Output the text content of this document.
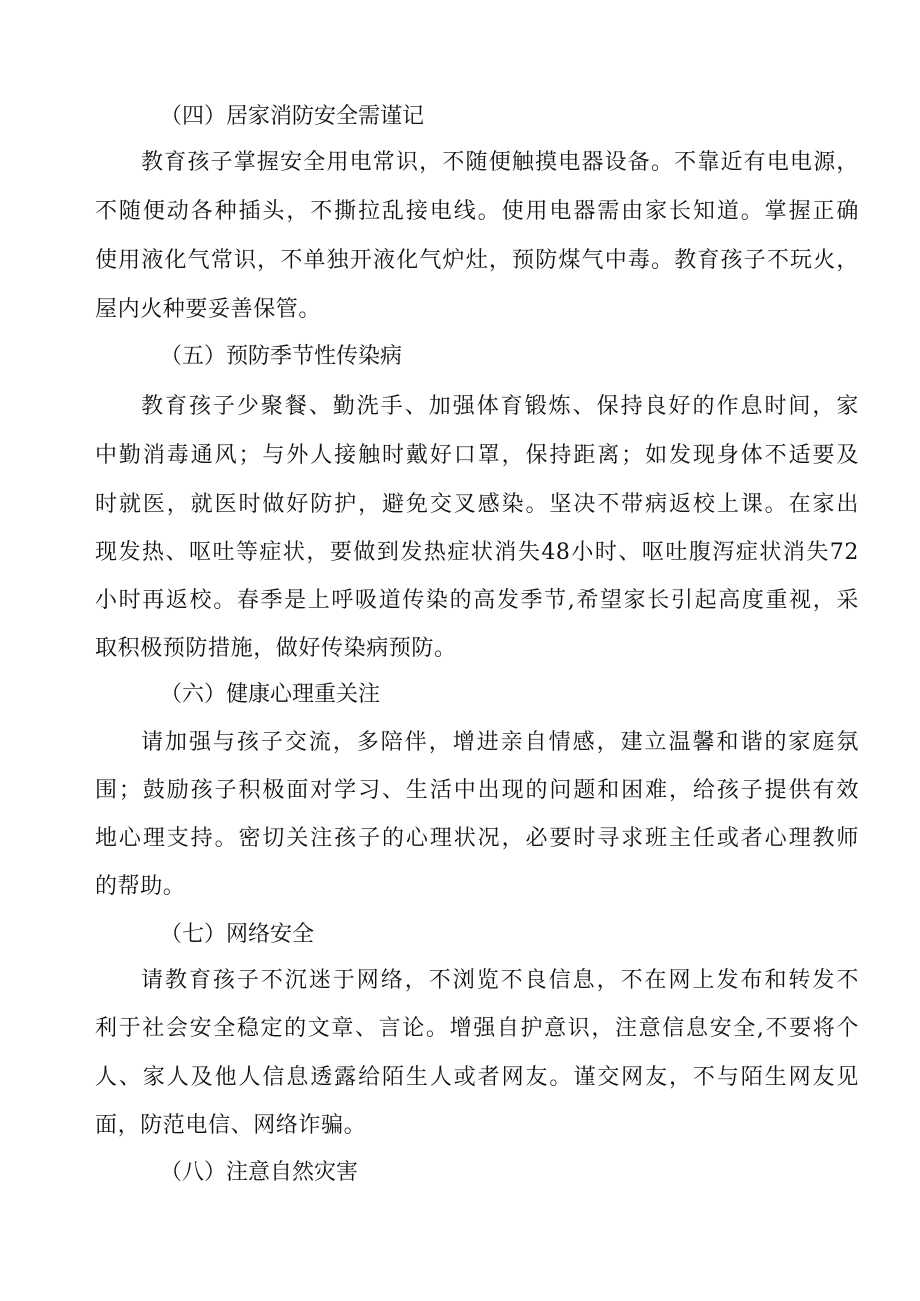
（四）居家消防安全需谨记
教育孩子掌握安全用电常识，不随便触摸电器设备。不靠近有电电源，
不随便动各种插头，不撕拉乱接电线。使用电器需由家长知道。掌握正确
使用液化气常识，不单独开液化气炉灶，预防煤气中毒。教育孩子不玩火，
屋内火种要妥善保管。
（五）预防季节性传染病
教育孩子少聚餐、勤洗手、加强体育锻炼、保持良好的作息时间，家
中勤消毒通风；与外人接触时戴好口罩，保持距离；如发现身体不适要及
时就医，就医时做好防护，避免交叉感染。坚决不带病返校上课。在家出
现发热、呕吐等症状，要做到发热症状消失48小时、呕吐腹泻症状消失72
小时再返校。春季是上呼吸道传染的高发季节,希望家长引起高度重视，采
取积极预防措施，做好传染病预防。
（六）健康心理重关注
请加强与孩子交流，多陪伴，增进亲自情感，建立温馨和谐的家庭氛
围；鼓励孩子积极面对学习、生活中出现的问题和困难，给孩子提供有效
地心理支持。密切关注孩子的心理状况，必要时寻求班主任或者心理教师
的帮助。
（七）网络安全
请教育孩子不沉迷于网络，不浏览不良信息，不在网上发布和转发不
利于社会安全稳定的文章、言论。增强自护意识，注意信息安全,不要将个
人、家人及他人信息透露给陌生人或者网友。谨交网友，不与陌生网友见
面，防范电信、网络诈骗。
（八）注意自然灾害
